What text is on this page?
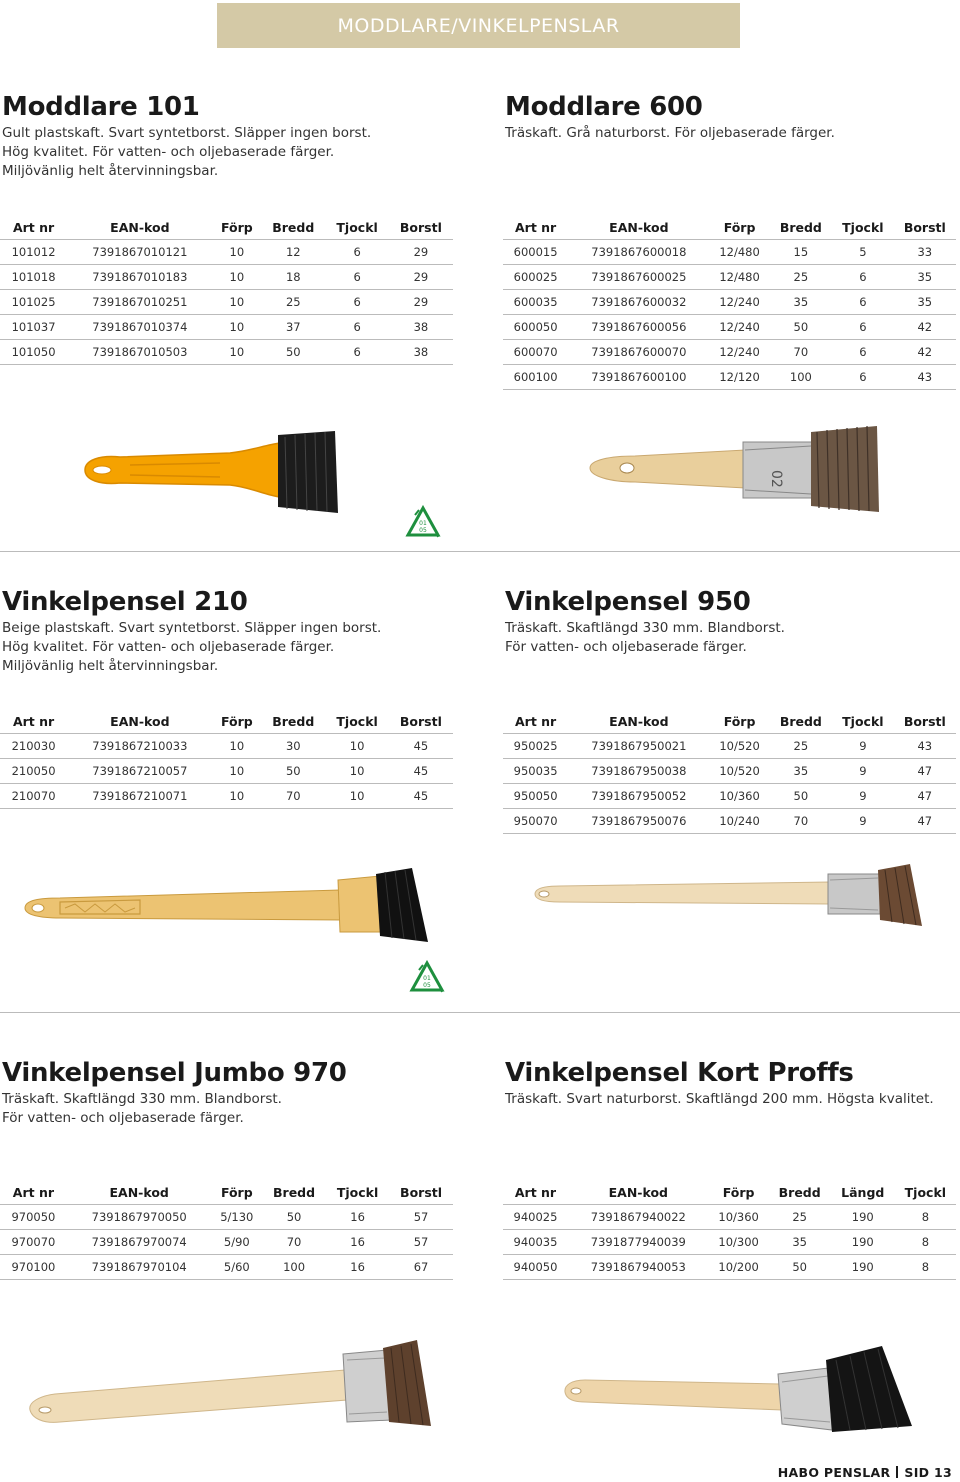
MODDLARE/VINKELPENSLAR
Moddlare 101

Gult plastskaft. Svart syntetborst. Släpper ingen borst.
Hög kvalitet. För vatten- och oljebaserade färger.
Miljövänlig helt återvinningsbar.

Art nr	EAN-kod	Förp	Bredd	Tjockl	Borstl
101012	7391867010121	10	12	6	29
101018	7391867010183	10	18	6	29
101025	7391867010251	10	25	6	29
101037	7391867010374	10	37	6	38
101050	7391867010503	10	50	6	38
Moddlare 600

Träskaft. Grå naturborst. För oljebaserade färger.

Art nr	EAN-kod	Förp	Bredd	Tjockl	Borstl
600015	7391867600018	12/480	15	5	33
600025	7391867600025	12/480	25	6	35
600035	7391867600032	12/240	35	6	35
600050	7391867600056	12/240	50	6	42
600070	7391867600070	12/240	70	6	42
600100	7391867600100	12/120	100	6	43
02
01
05
Vinkelpensel 210

Beige plastskaft. Svart syntetborst. Släpper ingen borst.
Hög kvalitet. För vatten- och oljebaserade färger.
Miljövänlig helt återvinningsbar.

Art nr	EAN-kod	Förp	Bredd	Tjockl	Borstl
210030	7391867210033	10	30	10	45
210050	7391867210057	10	50	10	45
210070	7391867210071	10	70	10	45
Vinkelpensel 950

Träskaft. Skaftlängd 330 mm. Blandborst.
För vatten- och oljebaserade färger.

Art nr	EAN-kod	Förp	Bredd	Tjockl	Borstl
950025	7391867950021	10/520	25	9	43
950035	7391867950038	10/520	35	9	47
950050	7391867950052	10/360	50	9	47
950070	7391867950076	10/240	70	9	47
01
05
Vinkelpensel Jumbo 970

Träskaft. Skaftlängd 330 mm. Blandborst.
För vatten- och oljebaserade färger.

Art nr	EAN-kod	Förp	Bredd	Tjockl	Borstl
970050	7391867970050	5/130	50	16	57
970070	7391867970074	5/90	70	16	57
970100	7391867970104	5/60	100	16	67
Vinkelpensel Kort Proffs

Träskaft. Svart naturborst. Skaftlängd 200 mm. Högsta kvalitet.

Art nr	EAN-kod	Förp	Bredd	Längd	Tjockl
940025	7391867940022	10/360	25	190	8
940035	7391877940039	10/300	35	190	8
940050	7391867940053	10/200	50	190	8
HABO PENSLAR SID 13
